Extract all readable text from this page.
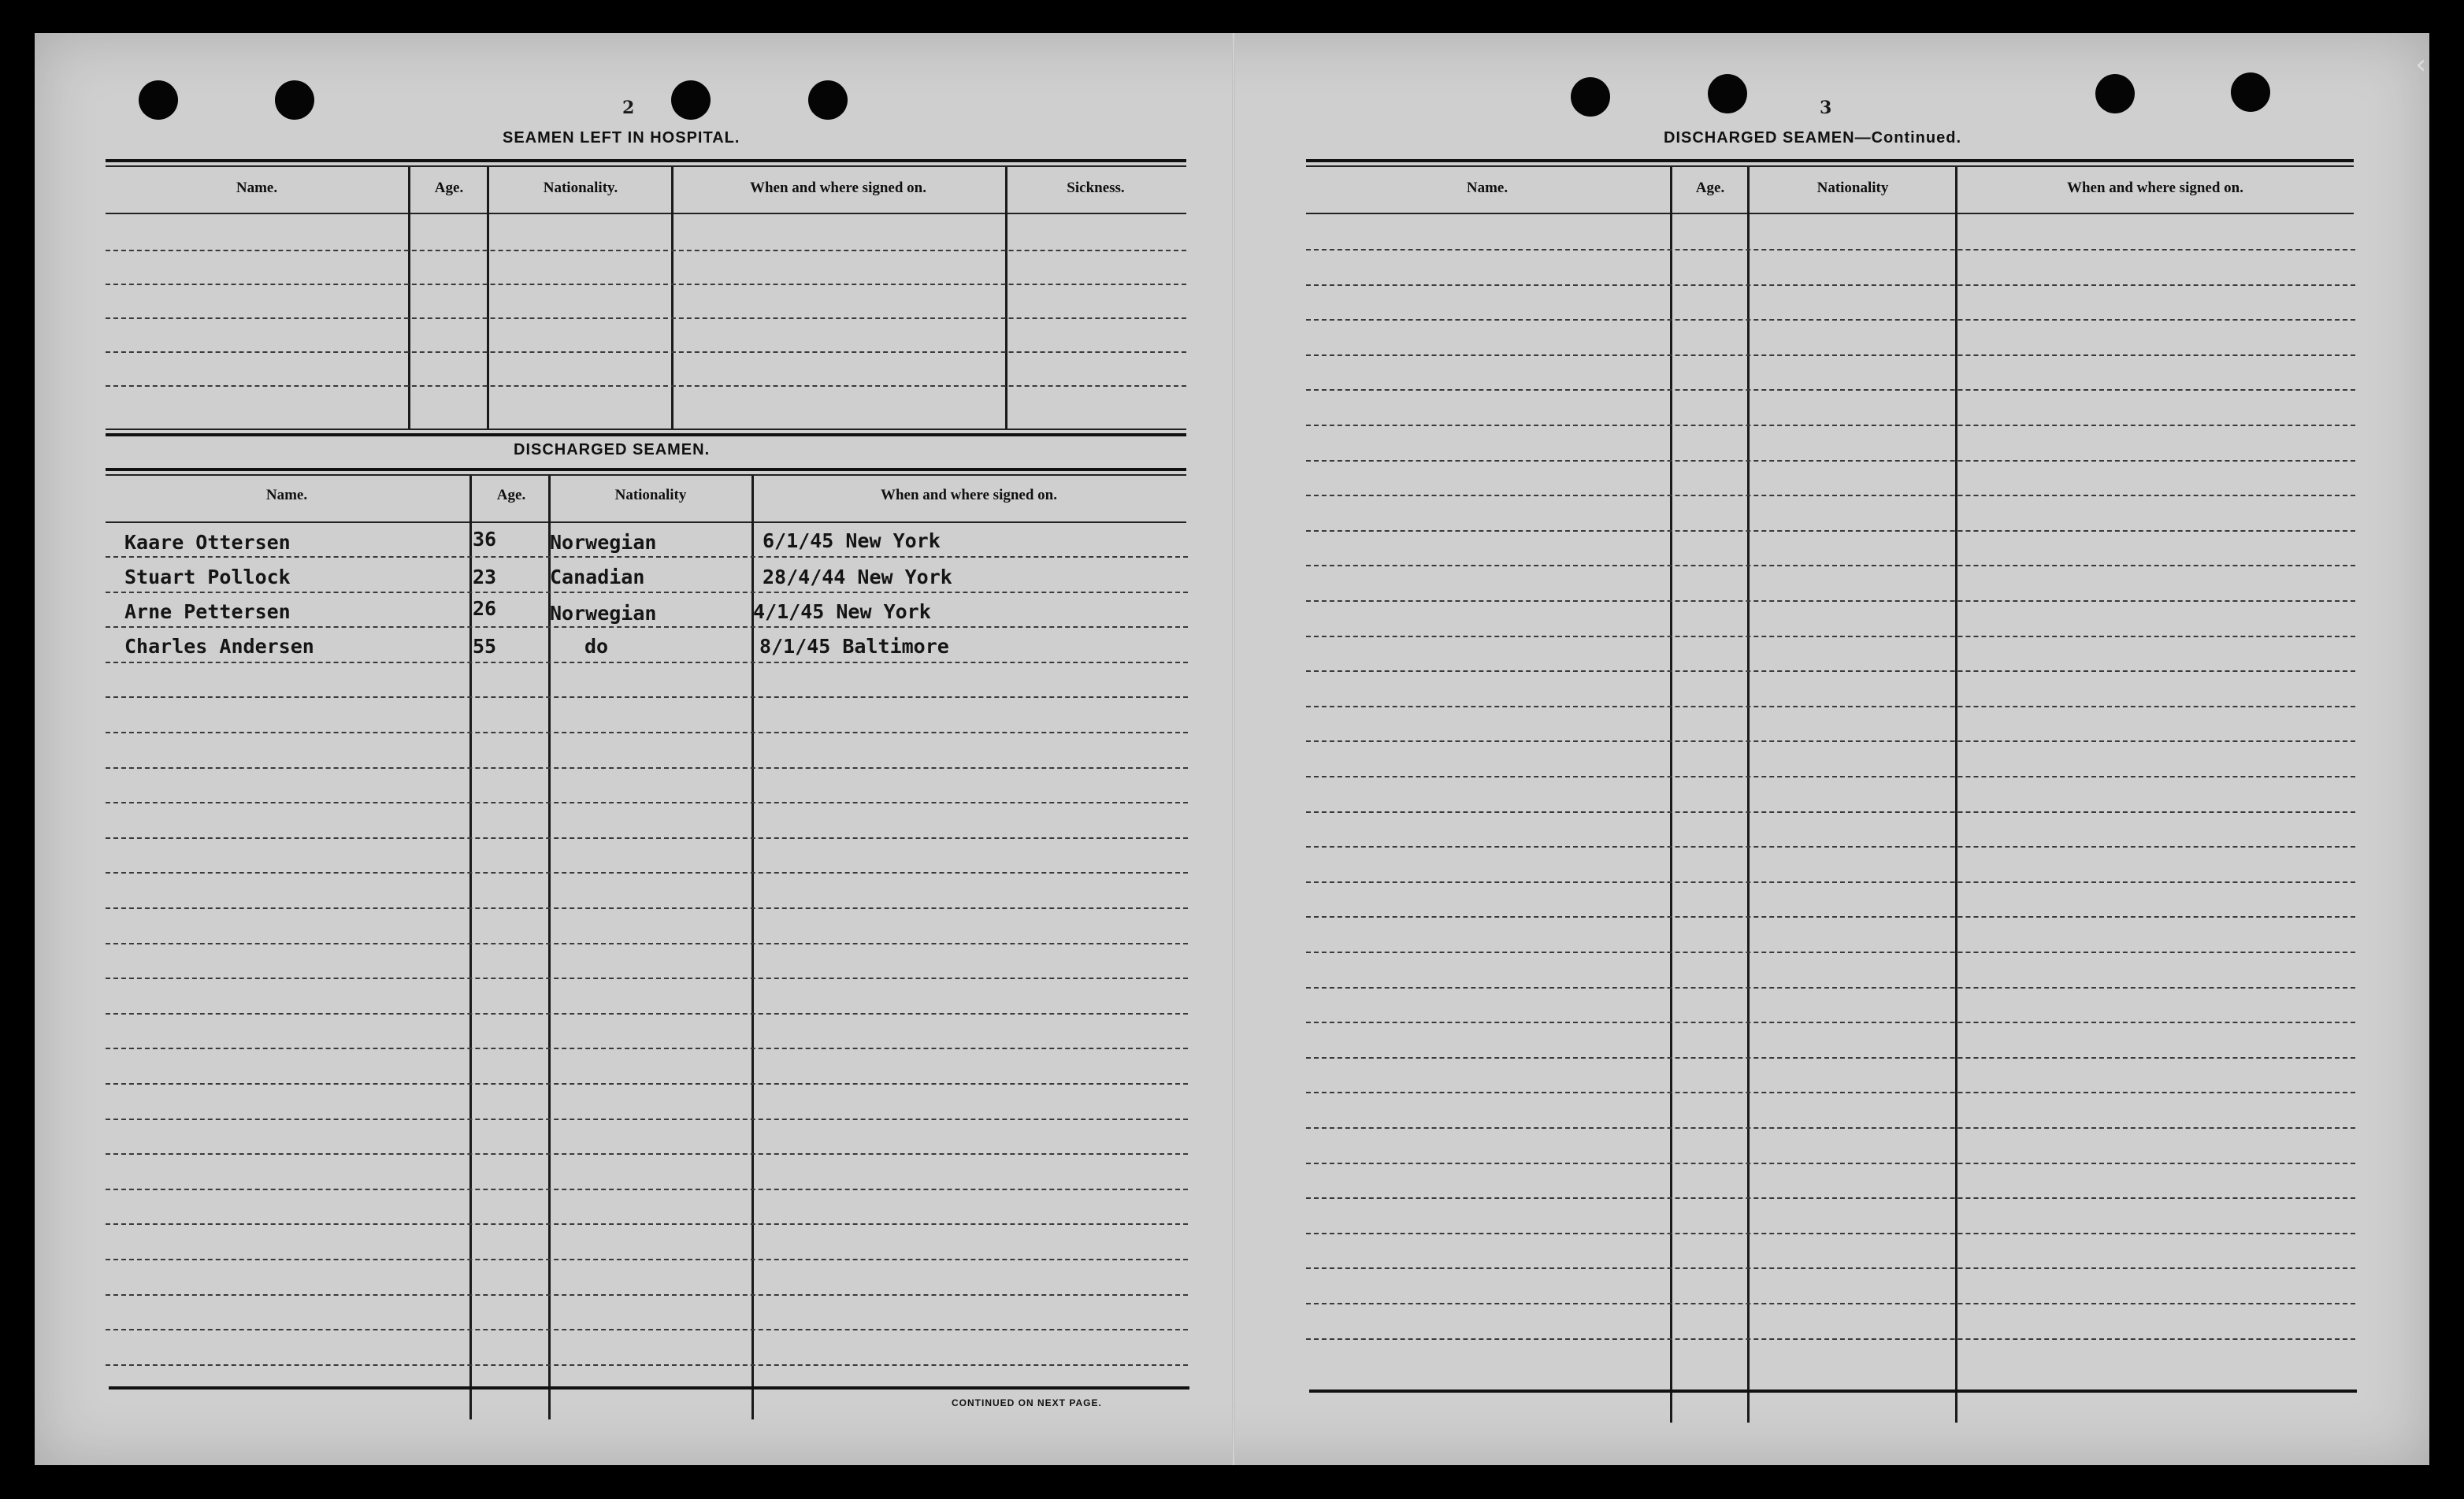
2
SEAMEN LEFT IN HOSPITAL.
Name.	Age.	Nationality.	When and where signed on.	Sickness.
DISCHARGED SEAMEN.
Name.	Age.	Nationality	When and where signed on.
Kaare Ottersen	36	Norwegian	6/1/45 New York
Stuart Pollock	23	Canadian	28/4/44 New York
Arne Pettersen	26	Norwegian	4/1/45 New York
Charles Andersen	55	do	8/1/45 Baltimore
CONTINUED ON NEXT PAGE.
3
DISCHARGED SEAMEN—Continued.
Name.	Age.	Nationality	When and where signed on.
‹
